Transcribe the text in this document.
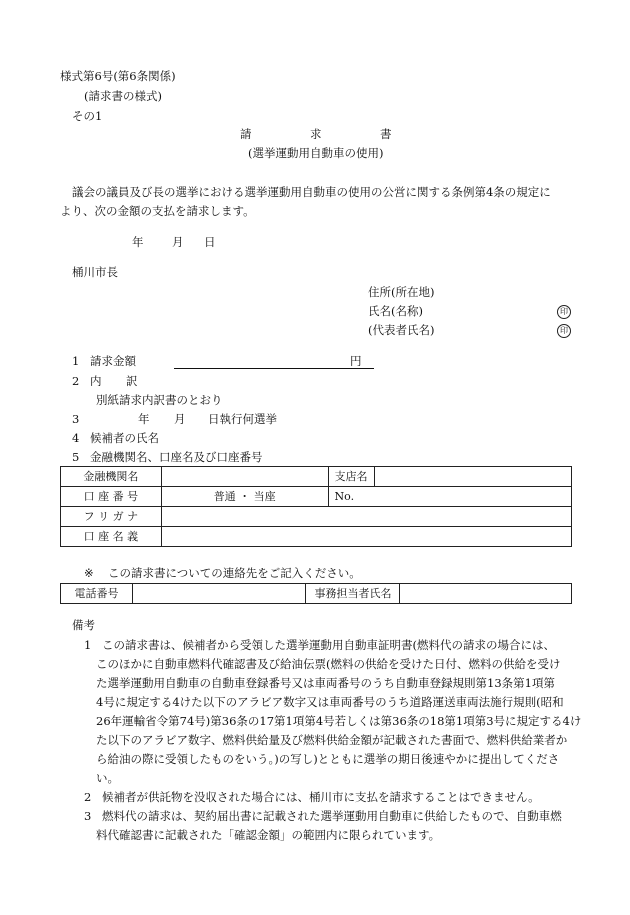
様式第6号(第6条関係)
(請求書の様式)
その1
請	求	書
(選挙運動用自動車の使用)
議会の議員及び長の選挙における選挙運動用自動車の使用の公営に関する条例第4条の規定に
より、次の金額の支払を請求します。
年 月 日
桶川市長
住所(所在地)
氏名(名称)	印
(代表者氏名)	印
1 請求金額	円
2 内 訳
別紙請求内訳書のとおり
3	年 月 日執行何選挙
4 候補者の氏名
5 金融機関名、口座名及び口座番号
金融機関名		支店名	
口 座 番 号	普通 ・ 当座	No.	
フ リ ガ ナ			
口 座 名 義			
※ この請求書についての連絡先をご記入ください。
電話番号		事務担当者氏名	
備考
1 この請求書は、候補者から受領した選挙運動用自動車証明書(燃料代の請求の場合には、

このほかに自動車燃料代確認書及び給油伝票(燃料の供給を受けた日付、燃料の供給を受け

た選挙運動用自動車の自動車登録番号又は車両番号のうち自動車登録規則第13条第1項第

4号に規定する4けた以下のアラビア数字又は車両番号のうち道路運送車両法施行規則(昭和

26年運輸省令第74号)第36条の17第1項第4号若しくは第36条の18第1項第3号に規定する4け

た以下のアラビア数字、燃料供給量及び燃料供給金額が記載された書面で、燃料供給業者か

ら給油の際に受領したものをいう。)の写し)とともに選挙の期日後速やかに提出してくださ

い。

2 候補者が供託物を没収された場合には、桶川市に支払を請求することはできません。

3 燃料代の請求は、契約届出書に記載された選挙運動用自動車に供給したもので、自動車燃

料代確認書に記載された「確認金額」の範囲内に限られています。
